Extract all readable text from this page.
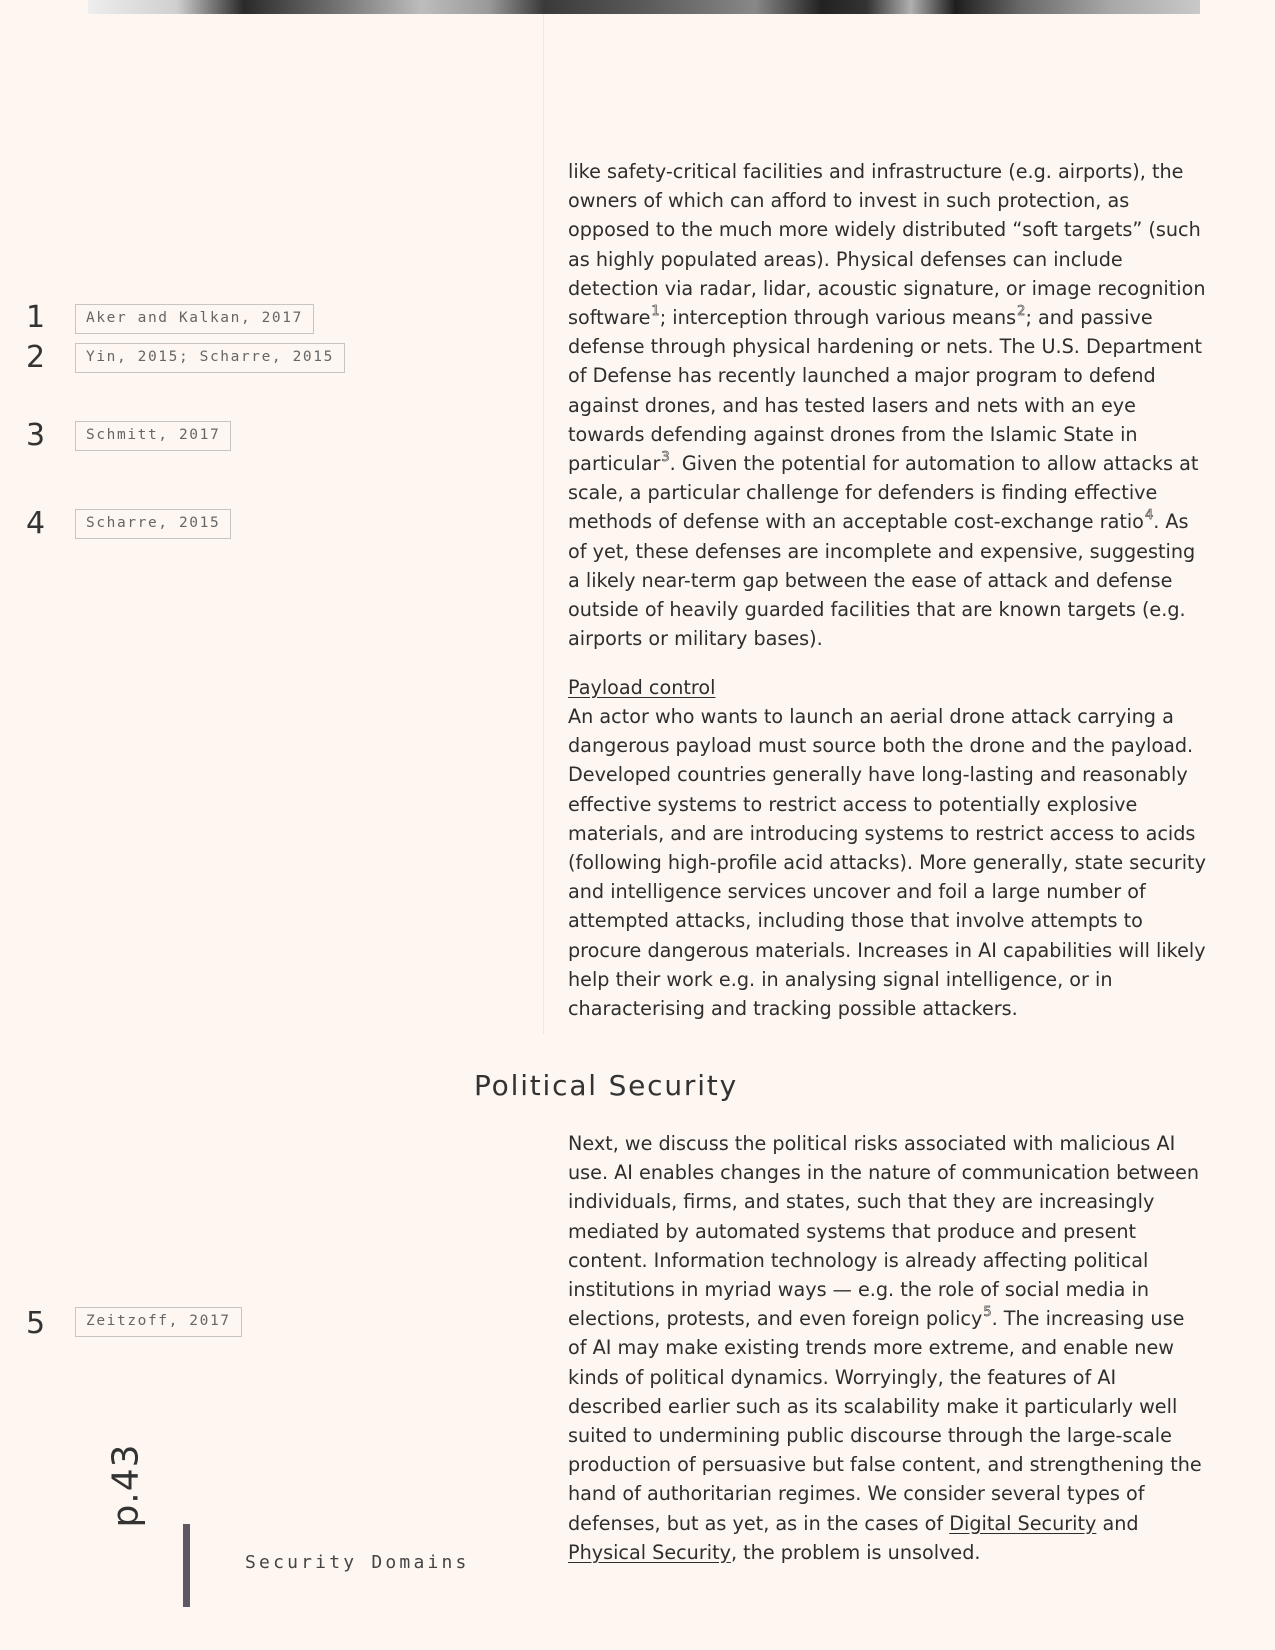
1	Aker and Kalkan, 2017
2	Yin, 2015; Scharre, 2015
3	Schmitt, 2017
4	Scharre, 2015
5	Zeitzoff, 2017

like safety-critical facilities and infrastructure (e.g. airports), the owners of which can afford to invest in such protection, as opposed to the much more widely distributed “soft targets” (such as highly populated areas). Physical defenses can include detection via radar, lidar, acoustic signature, or image recognition software$^1$; interception through various means$^2$; and passive defense through physical hardening or nets. The U.S. Department of Defense has recently launched a major program to defend against drones, and has tested lasers and nets with an eye towards defending against drones from the Islamic State in particular$^3$. Given the potential for automation to allow attacks at scale, a particular challenge for defenders is finding effective methods of defense with an acceptable cost-exchange ratio$^4$. As of yet, these defenses are incomplete and expensive, suggesting a likely near-term gap between the ease of attack and defense outside of heavily guarded facilities that are known targets (e.g. airports or military bases).

Payload control

An actor who wants to launch an aerial drone attack carrying a dangerous payload must source both the drone and the payload. Developed countries generally have long-lasting and reasonably effective systems to restrict access to potentially explosive materials, and are introducing systems to restrict access to acids (following high-profile acid attacks). More generally, state security and intelligence services uncover and foil a large number of attempted attacks, including those that involve attempts to procure dangerous materials. Increases in AI capabilities will likely help their work e.g. in analysing signal intelligence, or in characterising and tracking possible attackers.

Political Security

Next, we discuss the political risks associated with malicious AI use. AI enables changes in the nature of communication between individuals, firms, and states, such that they are increasingly mediated by automated systems that produce and present content. Information technology is already affecting political institutions in myriad ways — e.g. the role of social media in elections, protests, and even foreign policy$^5$. The increasing use of AI may make existing trends more extreme, and enable new kinds of political dynamics. Worryingly, the features of AI described earlier such as its scalability make it particularly well suited to undermining public discourse through the large-scale production of persuasive but false content, and strengthening the hand of authoritarian regimes. We consider several types of defenses, but as yet, as in the cases of Digital Security and Physical Security, the problem is unsolved.

p.43
Security Domains
